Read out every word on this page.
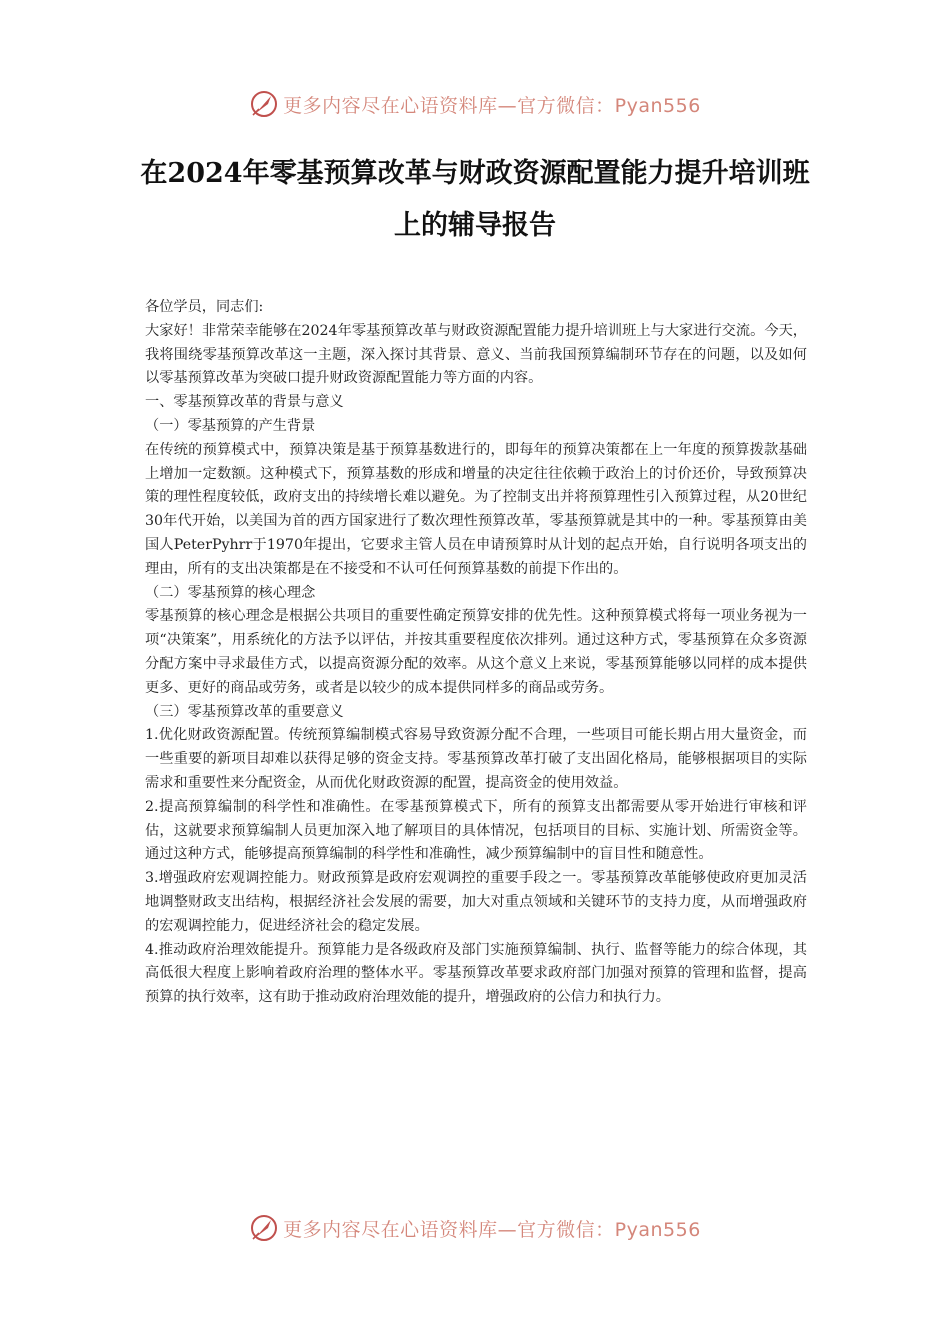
更多内容尽在心语资料库—官方微信：Pyan556
在2024年零基预算改革与财政资源配置能力提升培训班上的辅导报告

各位学员，同志们:

大家好！非常荣幸能够在2024年零基预算改革与财政资源配置能力提升培训班上与大家进行交流。今天，我将围绕零基预算改革这一主题，深入探讨其背景、意义、当前我国预算编制环节存在的问题，以及如何以零基预算改革为突破口提升财政资源配置能力等方面的内容。

一、零基预算改革的背景与意义

（一）零基预算的产生背景

在传统的预算模式中，预算决策是基于预算基数进行的，即每年的预算决策都在上一年度的预算拨款基础上增加一定数额。这种模式下，预算基数的形成和增量的决定往往依赖于政治上的讨价还价，导致预算决策的理性程度较低，政府支出的持续增长难以避免。为了控制支出并将预算理性引入预算过程，从20世纪30年代开始，以美国为首的西方国家进行了数次理性预算改革，零基预算就是其中的一种。零基预算由美国人PeterPyhrr于1970年提出，它要求主管人员在申请预算时从计划的起点开始，自行说明各项支出的理由，所有的支出决策都是在不接受和不认可任何预算基数的前提下作出的。

（二）零基预算的核心理念

零基预算的核心理念是根据公共项目的重要性确定预算安排的优先性。这种预算模式将每一项业务视为一项“决策案”，用系统化的方法予以评估，并按其重要程度依次排列。通过这种方式，零基预算在众多资源分配方案中寻求最佳方式，以提高资源分配的效率。从这个意义上来说，零基预算能够以同样的成本提供更多、更好的商品或劳务，或者是以较少的成本提供同样多的商品或劳务。

（三）零基预算改革的重要意义

1.优化财政资源配置。传统预算编制模式容易导致资源分配不合理，一些项目可能长期占用大量资金，而一些重要的新项目却难以获得足够的资金支持。零基预算改革打破了支出固化格局，能够根据项目的实际需求和重要性来分配资金，从而优化财政资源的配置，提高资金的使用效益。

2.提高预算编制的科学性和准确性。在零基预算模式下，所有的预算支出都需要从零开始进行审核和评估，这就要求预算编制人员更加深入地了解项目的具体情况，包括项目的目标、实施计划、所需资金等。通过这种方式，能够提高预算编制的科学性和准确性，减少预算编制中的盲目性和随意性。

3.增强政府宏观调控能力。财政预算是政府宏观调控的重要手段之一。零基预算改革能够使政府更加灵活地调整财政支出结构，根据经济社会发展的需要，加大对重点领域和关键环节的支持力度，从而增强政府的宏观调控能力，促进经济社会的稳定发展。

4.推动政府治理效能提升。预算能力是各级政府及部门实施预算编制、执行、监督等能力的综合体现，其高低很大程度上影响着政府治理的整体水平。零基预算改革要求政府部门加强对预算的管理和监督，提高预算的执行效率，这有助于推动政府治理效能的提升，增强政府的公信力和执行力。

更多内容尽在心语资料库—官方微信：Pyan556
